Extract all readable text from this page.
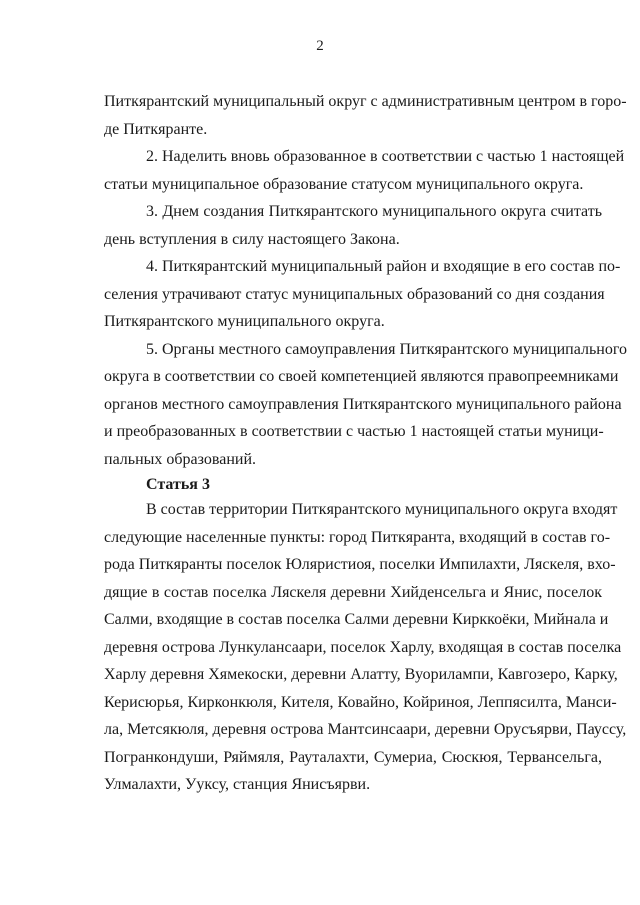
2
Питкярантский муниципальный округ с административным центром в горо-
де Питкяранте.
2. Наделить вновь образованное в соответствии с частью 1 настоящей
статьи муниципальное образование статусом муниципального округа.
3. Днем создания Питкярантского муниципального округа считать
день вступления в силу настоящего Закона.
4. Питкярантский муниципальный район и входящие в его состав по-
селения утрачивают статус муниципальных образований со дня создания
Питкярантского муниципального округа.
5. Органы местного самоуправления Питкярантского муниципального
округа в соответствии со своей компетенцией являются правопреемниками
органов местного самоуправления Питкярантского муниципального района
и преобразованных в соответствии с частью 1 настоящей статьи муници-
пальных образований.
Статья 3
В состав территории Питкярантского муниципального округа входят
следующие населенные пункты: город Питкяранта, входящий в состав го-
рода Питкяранты поселок Юляристиоя, поселки Импилахти, Ляскеля, вхо-
дящие в состав поселка Ляскеля деревни Хийденсельга и Янис, поселок
Салми, входящие в состав поселка Салми деревни Кирккоёки, Мийнала и
деревня острова Лункулансаари, поселок Харлу, входящая в состав поселка
Харлу деревня Хямекоски, деревни Алатту, Вуорилампи, Кавгозеро, Карку,
Кериcюрья, Кирконкюля, Кителя, Ковайно, Койриноя, Леппясилта, Манси-
ла, Метсякюля, деревня острова Мантсинсаари, деревни Орусъярви, Пауссу,
Погранкондуши, Ряймяля, Рауталахти, Сумериа, Сюскюя, Тервансельга,
Улмалахти, Ууксу, станция Янисъярви.
